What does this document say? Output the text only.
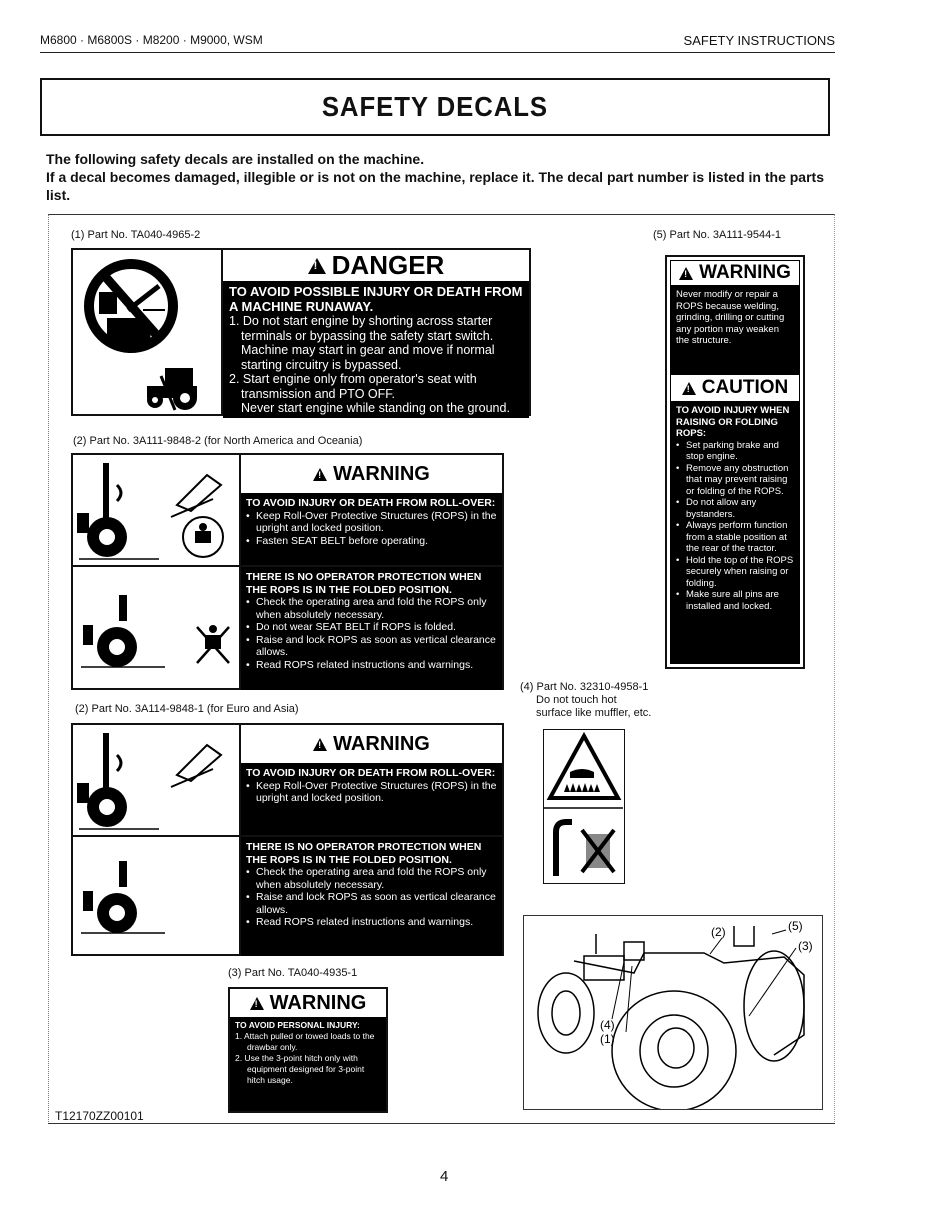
M6800 · M6800S · M8200 · M9000, WSM	SAFETY INSTRUCTIONS
SAFETY DECALS
The following safety decals are installed on the machine.
If a decal becomes damaged, illegible or is not on the machine, replace it. The decal part number is listed in the parts list.
(1) Part No. TA040-4965-2
!
DANGER
TO AVOID POSSIBLE INJURY OR DEATH FROM A MACHINE RUNAWAY.
1. Do not start engine by shorting across starter terminals or bypassing the safety start switch. Machine may start in gear and move if normal starting circuitry is bypassed.
2. Start engine only from operator's seat with transmission and PTO OFF.
Never start engine while standing on the ground.
(2) Part No. 3A111-9848-2 (for North America and Oceania)
!
WARNING
TO AVOID INJURY OR DEATH FROM ROLL-OVER:
• Keep Roll-Over Protective Structures (ROPS) in the upright and locked position.
• Fasten SEAT BELT before operating.
THERE IS NO OPERATOR PROTECTION WHEN THE ROPS IS IN THE FOLDED POSITION.
• Check the operating area and fold the ROPS only when absolutely necessary.
• Do not wear SEAT BELT if ROPS is folded.
• Raise and lock ROPS as soon as vertical clearance allows.
• Read ROPS related instructions and warnings.
(2) Part No. 3A114-9848-1 (for Euro and Asia)
!
WARNING
TO AVOID INJURY OR DEATH FROM ROLL-OVER:
• Keep Roll-Over Protective Structures (ROPS) in the upright and locked position.
THERE IS NO OPERATOR PROTECTION WHEN THE ROPS IS IN THE FOLDED POSITION.
• Check the operating area and fold the ROPS only when absolutely necessary.
• Raise and lock ROPS as soon as vertical clearance allows.
• Read ROPS related instructions and warnings.
(3) Part No. TA040-4935-1
!
WARNING
TO AVOID PERSONAL INJURY:
1. Attach pulled or towed loads to the drawbar only.
2. Use the 3-point hitch only with equipment designed for 3-point hitch usage.
(4) Part No. 32310-4958-1
Do not touch hot
surface like muffler, etc.
(5) Part No. 3A111-9544-1
!
WARNING
Never modify or repair a ROPS because welding, grinding, drilling or cutting any portion may weaken the structure.
!
CAUTION
TO AVOID INJURY WHEN RAISING OR FOLDING ROPS:
• Set parking brake and stop engine.
• Remove any obstruction that may prevent raising or folding of the ROPS.
• Do not allow any bystanders.
• Always perform function from a stable position at the rear of the tractor.
• Hold the top of the ROPS securely when raising or folding.
• Make sure all pins are installed and locked.
(2)	(5)
(3)
(4)
(1)
T12170ZZ00101
4
